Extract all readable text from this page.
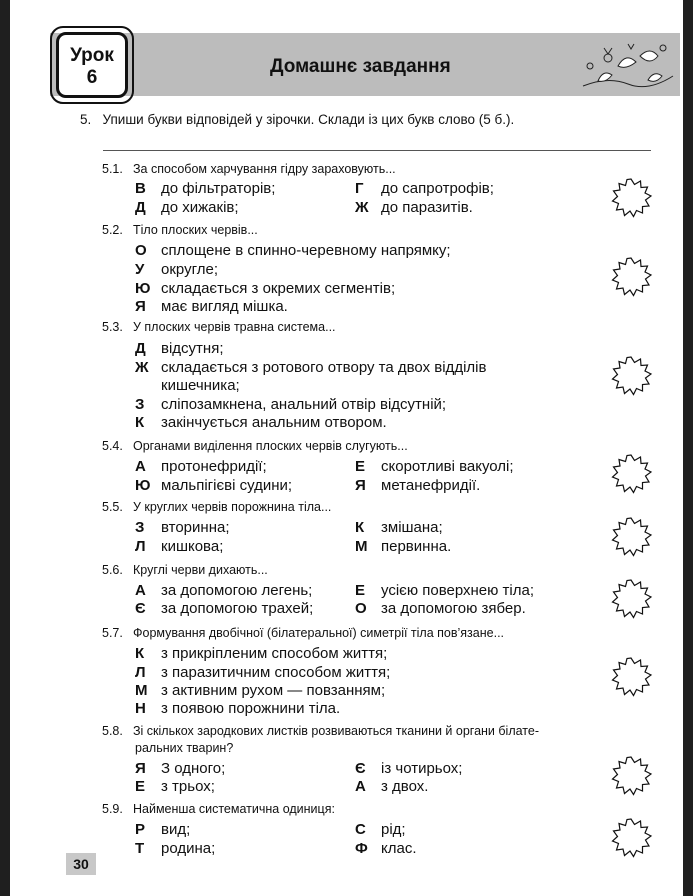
Урок
6
Домашнє завдання
5. Упиши букви відповідей у зірочки. Склади із цих букв слово (5 б.).
5.1. За способом харчування гідру зараховують...
В до фільтраторів;	Г до сапротрофів;
Д до хижаків;	Ж до паразитів.
5.2. Тіло плоских червів...
О сплощене в спинно-черевному напрямку;
У округле;
Ю складається з окремих сегментів;
Я має вигляд мішка.
5.3. У плоских червів травна система...
Д відсутня;
Ж складається з ротового отвору та двох відділів
кишечника;
З сліпозамкнена, анальний отвір відсутній;
К закінчується анальним отвором.
5.4. Органами виділення плоских червів слугують...
А протонефридії;	Е скоротливі вакуолі;
Ю мальпігієві судини;	Я метанефридії.
5.5. У круглих червів порожнина тіла...
З вторинна;	К змішана;
Л кишкова;	М первинна.
5.6. Круглі черви дихають...
А за допомогою легень;	Е усією поверхнею тіла;
Є за допомогою трахей;	О за допомогою зябер.
5.7. Формування двобічної (білатеральної) симетрії тіла пов’язане...
К з прикріпленим способом життя;
Л з паразитичним способом життя;
М з активним рухом — повзанням;
Н з появою порожнини тіла.
5.8. Зі скількох зародкових листків розвиваються тканини й органи білате-
ральних тварин?
Я З одного;	Є із чотирьох;
Е з трьох;	А з двох.
5.9. Найменша систематична одиниця:
Р вид;	С рід;
Т родина;	Ф клас.
30
